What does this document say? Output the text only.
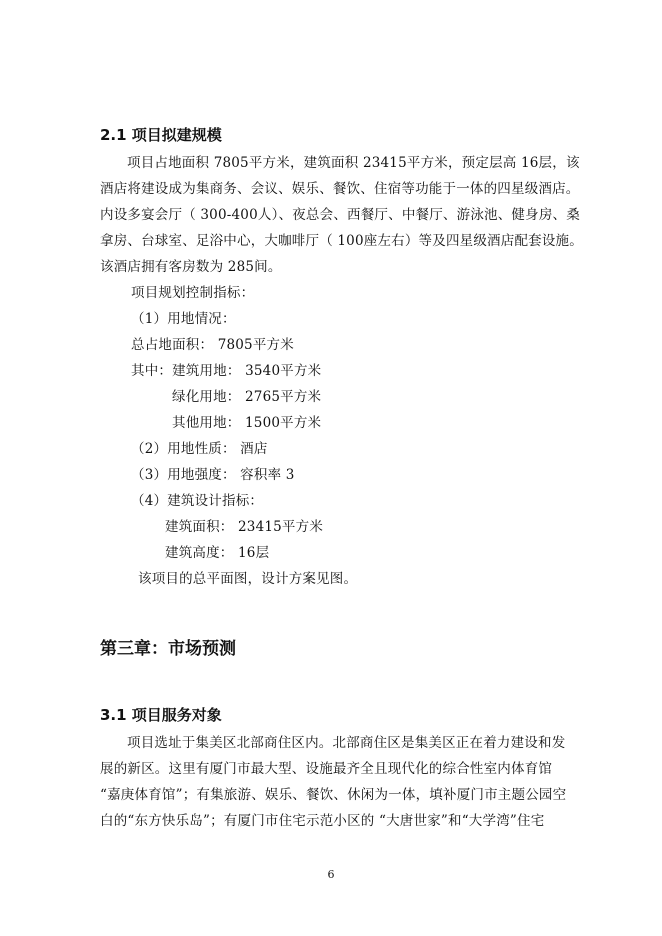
2.1 项目拟建规模
项目占地面积 7805平方米，建筑面积 23415平方米，预定层高 16层，该
酒店将建设成为集商务、会议、娱乐、餐饮、住宿等功能于一体的四星级酒店。
内设多宴会厅（ 300-400人）、夜总会、西餐厅、中餐厅、游泳池、健身房、桑
拿房、台球室、足浴中心，大咖啡厅（ 100座左右）等及四星级酒店配套设施。
该酒店拥有客房数为 285间。
项目规划控制指标：
（1）用地情况：
总占地面积： 7805平方米
其中：建筑用地： 3540平方米
绿化用地： 2765平方米
其他用地： 1500平方米
（2）用地性质： 酒店
（3）用地强度： 容积率 3
（4）建筑设计指标：
建筑面积： 23415平方米
建筑高度： 16层
该项目的总平面图，设计方案见图。
第三章：市场预测
3.1 项目服务对象
项目选址于集美区北部商住区内。北部商住区是集美区正在着力建设和发
展的新区。这里有厦门市最大型、设施最齐全且现代化的综合性室内体育馆
“嘉庚体育馆”；有集旅游、娱乐、餐饮、休闲为一体，填补厦门市主题公园空
白的“东方快乐岛”；有厦门市住宅示范小区的 “大唐世家”和“大学湾”住宅
6
